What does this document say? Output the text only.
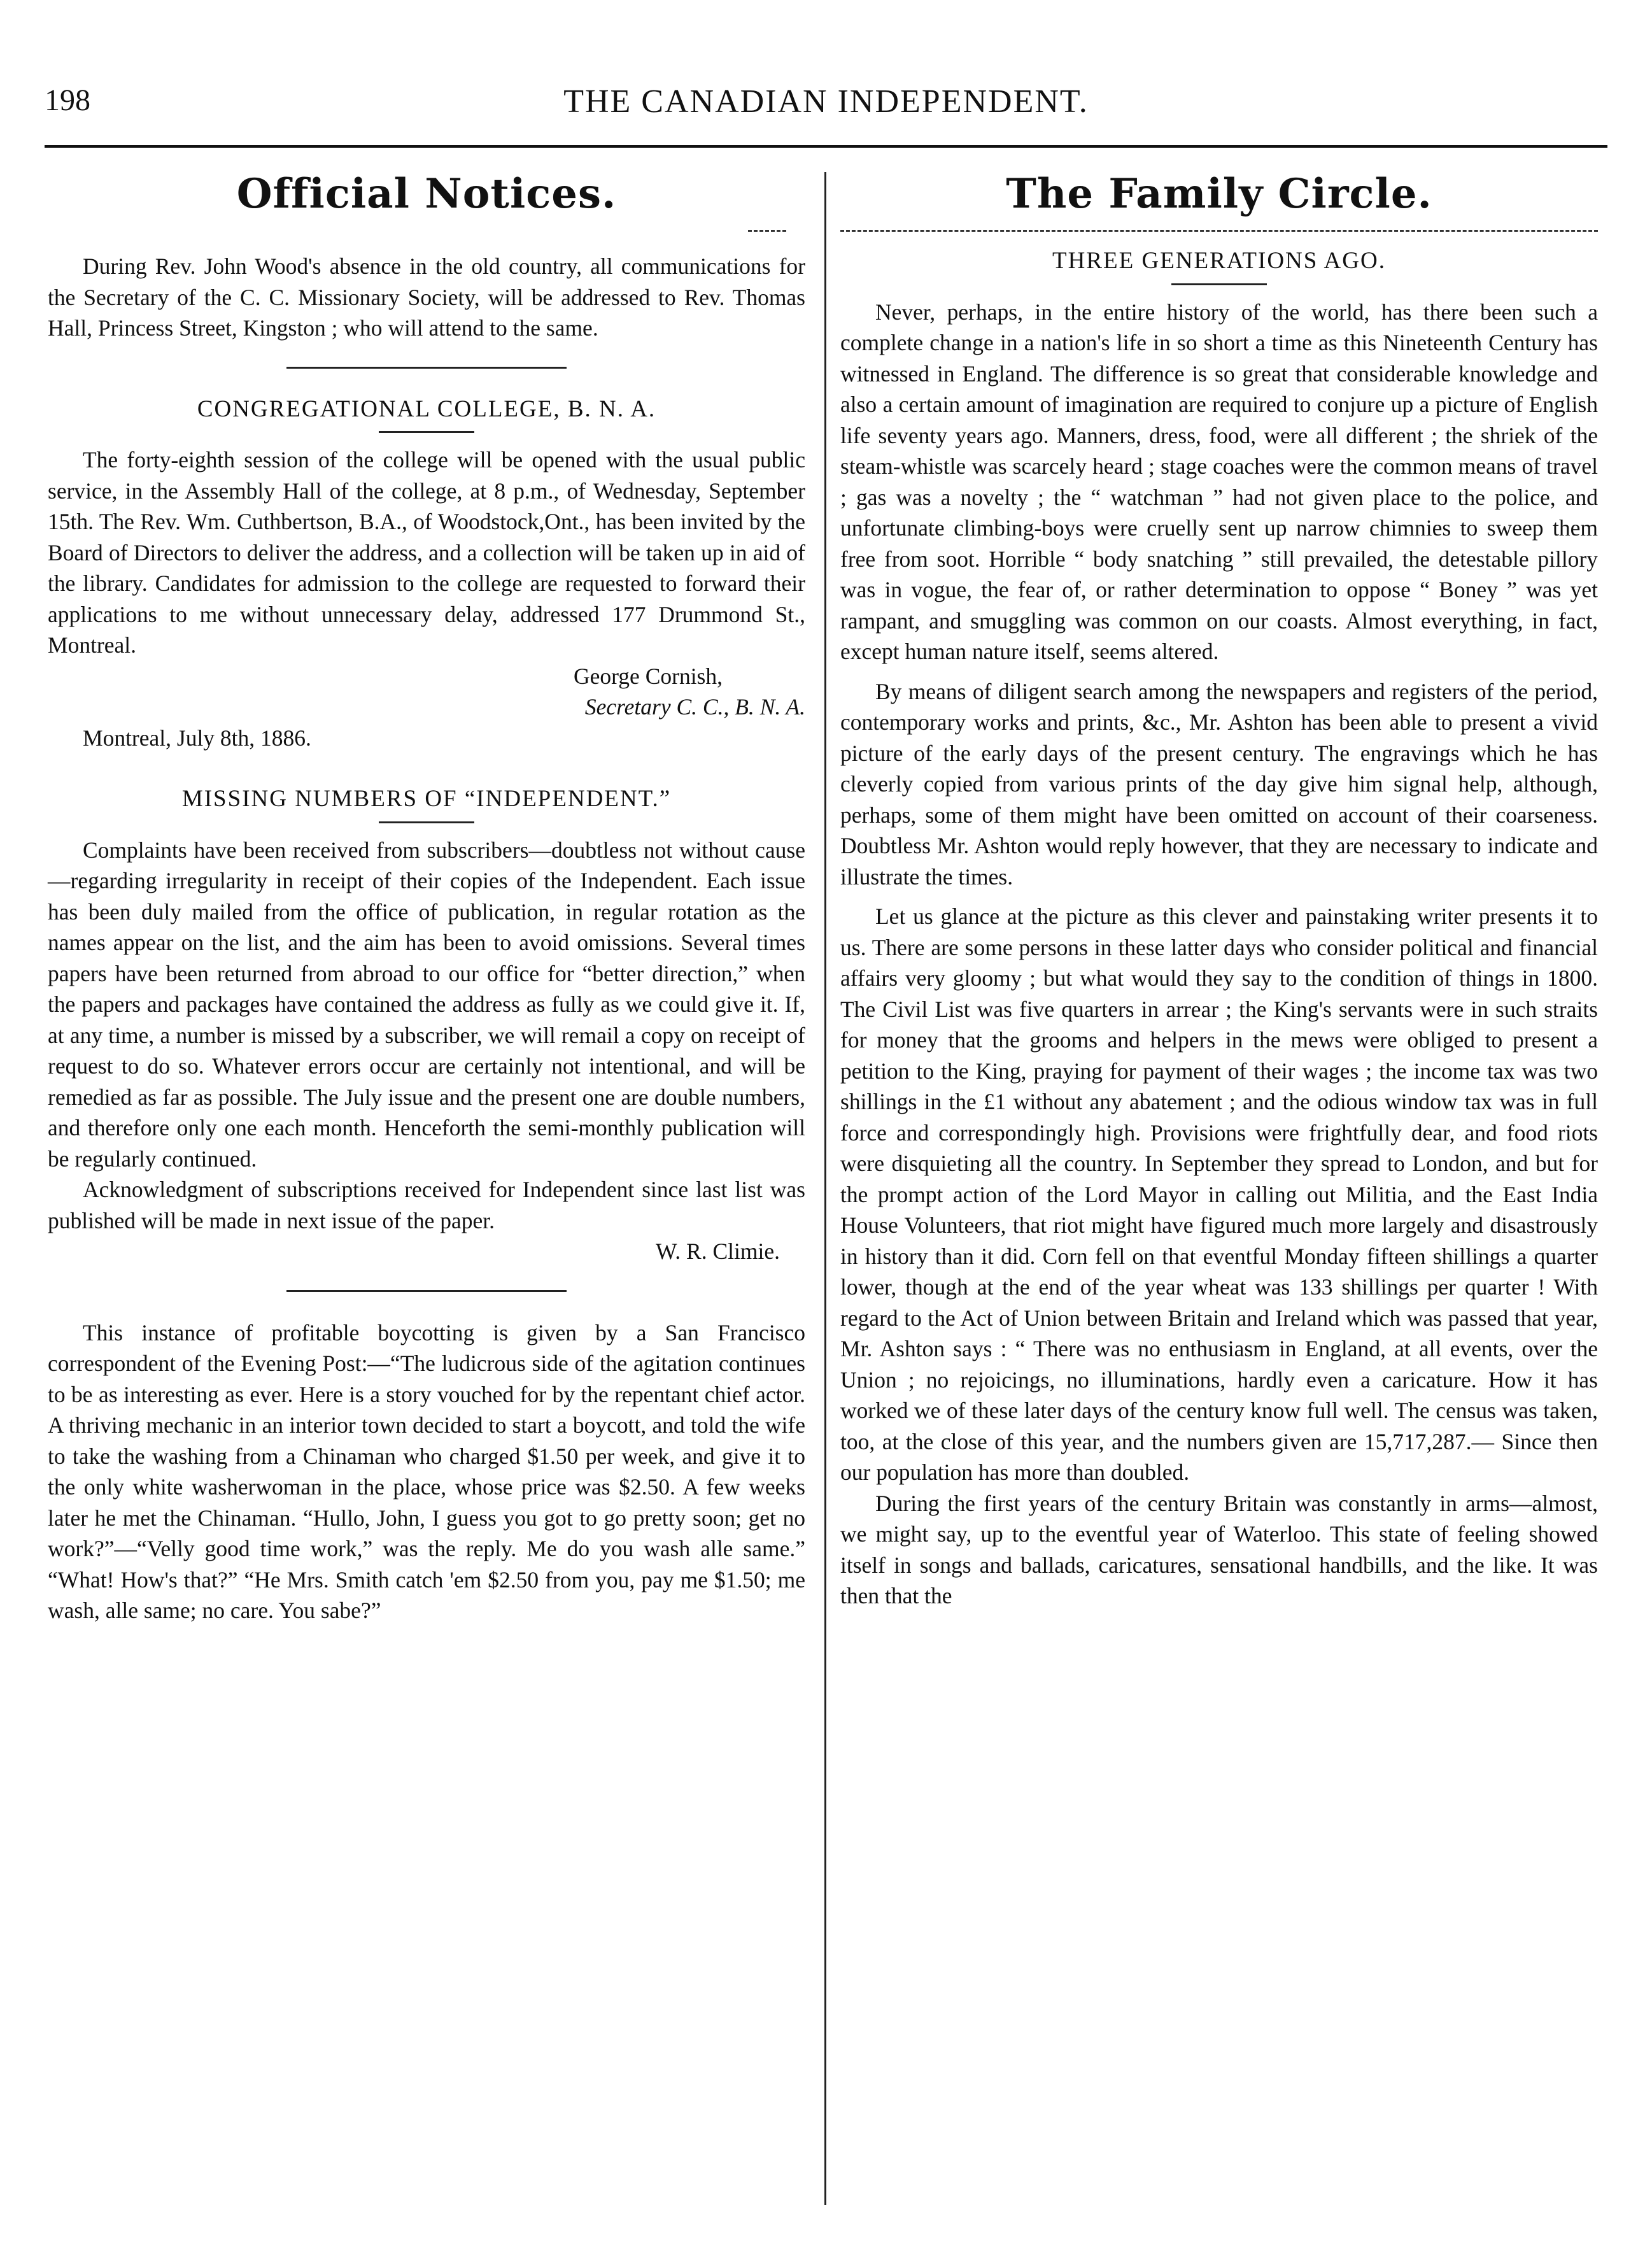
198	THE CANADIAN INDEPENDENT.
Official Notices.

During Rev. John Wood's absence in the old country, all communications for the Secretary of the C. C. Missionary Society, will be addressed to Rev. Thomas Hall, Princess Street, Kingston ; who will attend to the same.

CONGREGATIONAL COLLEGE, B. N. A.

The forty-eighth session of the college will be opened with the usual public service, in the Assembly Hall of the college, at 8 p.m., of Wednesday, September 15th. The Rev. Wm. Cuthbertson, B.A., of Woodstock,Ont., has been invited by the Board of Directors to deliver the address, and a collection will be taken up in aid of the library. Candidates for admission to the college are requested to forward their applications to me without unnecessary delay, addressed 177 Drummond St., Montreal.

George Cornish,
Secretary C. C., B. N. A.
Montreal, July 8th, 1886.
MISSING NUMBERS OF “INDEPENDENT.”

Complaints have been received from subscribers—doubtless not without cause—regarding irregularity in receipt of their copies of the Independent. Each issue has been duly mailed from the office of publication, in regular rotation as the names appear on the list, and the aim has been to avoid omissions. Several times papers have been returned from abroad to our office for “better direction,” when the papers and packages have contained the address as fully as we could give it. If, at any time, a number is missed by a subscriber, we will remail a copy on receipt of request to do so. Whatever errors occur are certainly not intentional, and will be remedied as far as possible. The July issue and the present one are double numbers, and therefore only one each month. Henceforth the semi-monthly publication will be regularly continued.

Acknowledgment of subscriptions received for Independent since last list was published will be made in next issue of the paper.

W. R. Climie.

This instance of profitable boycotting is given by a San Francisco correspondent of the Evening Post:—“The ludicrous side of the agitation continues to be as interesting as ever. Here is a story vouched for by the repentant chief actor. A thriving mechanic in an interior town decided to start a boycott, and told the wife to take the washing from a Chinaman who charged $1.50 per week, and give it to the only white washerwoman in the place, whose price was $2.50. A few weeks later he met the Chinaman. “Hullo, John, I guess you got to go pretty soon; get no work?”—“Velly good time work,” was the reply. Me do you wash alle same.” “What! How's that?” “He Mrs. Smith catch 'em $2.50 from you, pay me $1.50; me wash, alle same; no care. You sabe?”

The Family Circle.
THREE GENERATIONS AGO.

Never, perhaps, in the entire history of the world, has there been such a complete change in a nation's life in so short a time as this Nineteenth Century has witnessed in England. The difference is so great that considerable knowledge and also a certain amount of imagination are required to conjure up a picture of English life seventy years ago. Manners, dress, food, were all different ; the shriek of the steam-whistle was scarcely heard ; stage coaches were the common means of travel ; gas was a novelty ; the “ watchman ” had not given place to the police, and unfortunate climbing-boys were cruelly sent up narrow chimnies to sweep them free from soot. Horrible “ body snatching ” still prevailed, the detestable pillory was in vogue, the fear of, or rather determination to oppose “ Boney ” was yet rampant, and smuggling was common on our coasts. Almost everything, in fact, except human nature itself, seems altered.

By means of diligent search among the newspapers and registers of the period, contemporary works and prints, &c., Mr. Ashton has been able to present a vivid picture of the early days of the present century. The engravings which he has cleverly copied from various prints of the day give him signal help, although, perhaps, some of them might have been omitted on account of their coarseness. Doubtless Mr. Ashton would reply however, that they are necessary to indicate and illustrate the times.

Let us glance at the picture as this clever and painstaking writer presents it to us. There are some persons in these latter days who consider political and financial affairs very gloomy ; but what would they say to the condition of things in 1800. The Civil List was five quarters in arrear ; the King's servants were in such straits for money that the grooms and helpers in the mews were obliged to present a petition to the King, praying for payment of their wages ; the income tax was two shillings in the £1 without any abatement ; and the odious window tax was in full force and correspondingly high. Provisions were frightfully dear, and food riots were disquieting all the country. In September they spread to London, and but for the prompt action of the Lord Mayor in calling out Militia, and the East India House Volunteers, that riot might have figured much more largely and disastrously in history than it did. Corn fell on that eventful Monday fifteen shillings a quarter lower, though at the end of the year wheat was 133 shillings per quarter ! With regard to the Act of Union between Britain and Ireland which was passed that year, Mr. Ashton says : “ There was no enthusiasm in England, at all events, over the Union ; no rejoicings, no illuminations, hardly even a caricature. How it has worked we of these later days of the century know full well. The census was taken, too, at the close of this year, and the numbers given are 15,717,287.— Since then our population has more than doubled.

During the first years of the century Britain was constantly in arms—almost, we might say, up to the eventful year of Waterloo. This state of feeling showed itself in songs and ballads, caricatures, sensational handbills, and the like. It was then that the
